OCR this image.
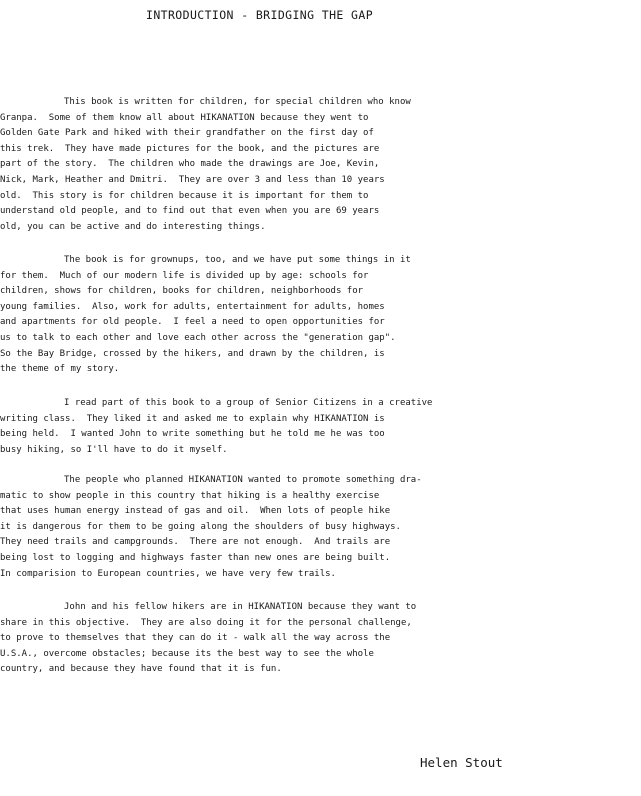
INTRODUCTION - BRIDGING THE GAP
This book is written for children, for special children who know
Granpa.  Some of them know all about HIKANATION because they went to
Golden Gate Park and hiked with their grandfather on the first day of
this trek.  They have made pictures for the book, and the pictures are
part of the story.  The children who made the drawings are Joe, Kevin,
Nick, Mark, Heather and Dmitri.  They are over 3 and less than 10 years
old.  This story is for children because it is important for them to
understand old people, and to find out that even when you are 69 years
old, you can be active and do interesting things.
The book is for grownups, too, and we have put some things in it
for them.  Much of our modern life is divided up by age: schools for
children, shows for children, books for children, neighborhoods for
young families.  Also, work for adults, entertainment for adults, homes
and apartments for old people.  I feel a need to open opportunities for
us to talk to each other and love each other across the "generation gap".
So the Bay Bridge, crossed by the hikers, and drawn by the children, is
the theme of my story.
I read part of this book to a group of Senior Citizens in a creative
writing class.  They liked it and asked me to explain why HIKANATION is
being held.  I wanted John to write something but he told me he was too
busy hiking, so I'll have to do it myself.
The people who planned HIKANATION wanted to promote something dra-
matic to show people in this country that hiking is a healthy exercise
that uses human energy instead of gas and oil.  When lots of people hike
it is dangerous for them to be going along the shoulders of busy highways.
They need trails and campgrounds.  There are not enough.  And trails are
being lost to logging and highways faster than new ones are being built.
In comparision to European countries, we have very few trails.
John and his fellow hikers are in HIKANATION because they want to
share in this objective.  They are also doing it for the personal challenge,
to prove to themselves that they can do it - walk all the way across the
U.S.A., overcome obstacles; because its the best way to see the whole
country, and because they have found that it is fun.
Helen Stout
